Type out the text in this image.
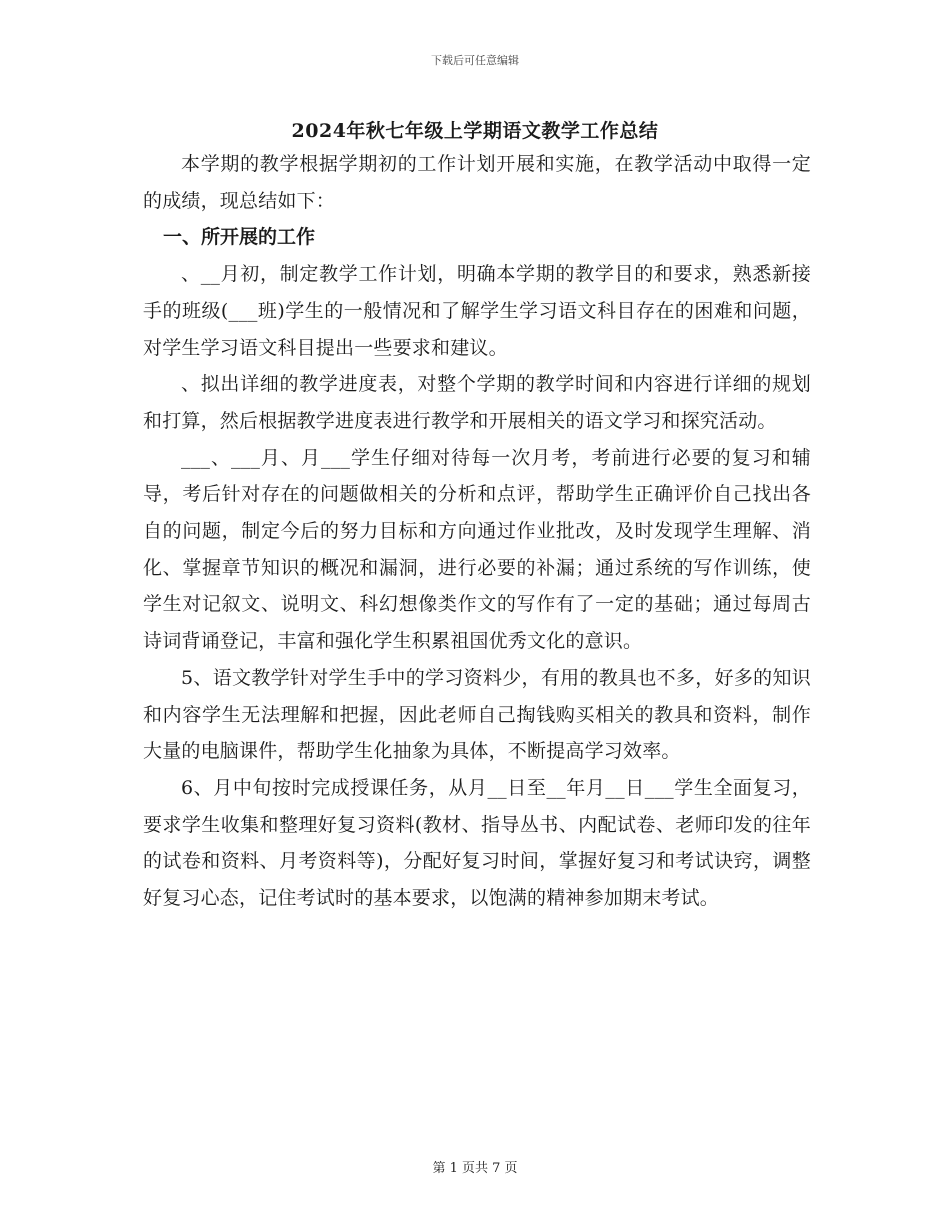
下载后可任意编辑
2024年秋七年级上学期语文教学工作总结

本学期的教学根据学期初的工作计划开展和实施，在教学活动中取得一定的成绩，现总结如下：

一、所开展的工作

、__月初，制定教学工作计划，明确本学期的教学目的和要求，熟悉新接手的班级(___班)学生的一般情况和了解学生学习语文科目存在的困难和问题，对学生学习语文科目提出一些要求和建议。

、拟出详细的教学进度表，对整个学期的教学时间和内容进行详细的规划和打算，然后根据教学进度表进行教学和开展相关的语文学习和探究活动。

___、___月、月___学生仔细对待每一次月考，考前进行必要的复习和辅导，考后针对存在的问题做相关的分析和点评，帮助学生正确评价自己找出各自的问题，制定今后的努力目标和方向通过作业批改，及时发现学生理解、消化、掌握章节知识的概况和漏洞，进行必要的补漏；通过系统的写作训练，使学生对记叙文、说明文、科幻想像类作文的写作有了一定的基础；通过每周古诗词背诵登记，丰富和强化学生积累祖国优秀文化的意识。

5、语文教学针对学生手中的学习资料少，有用的教具也不多，好多的知识和内容学生无法理解和把握，因此老师自己掏钱购买相关的教具和资料，制作大量的电脑课件，帮助学生化抽象为具体，不断提高学习效率。

6、月中旬按时完成授课任务，从月__日至__年月__日___学生全面复习，要求学生收集和整理好复习资料(教材、指导丛书、内配试卷、老师印发的往年的试卷和资料、月考资料等)，分配好复习时间，掌握好复习和考试诀窍，调整好复习心态，记住考试时的基本要求，以饱满的精神参加期末考试。

第 1 页共 7 页
